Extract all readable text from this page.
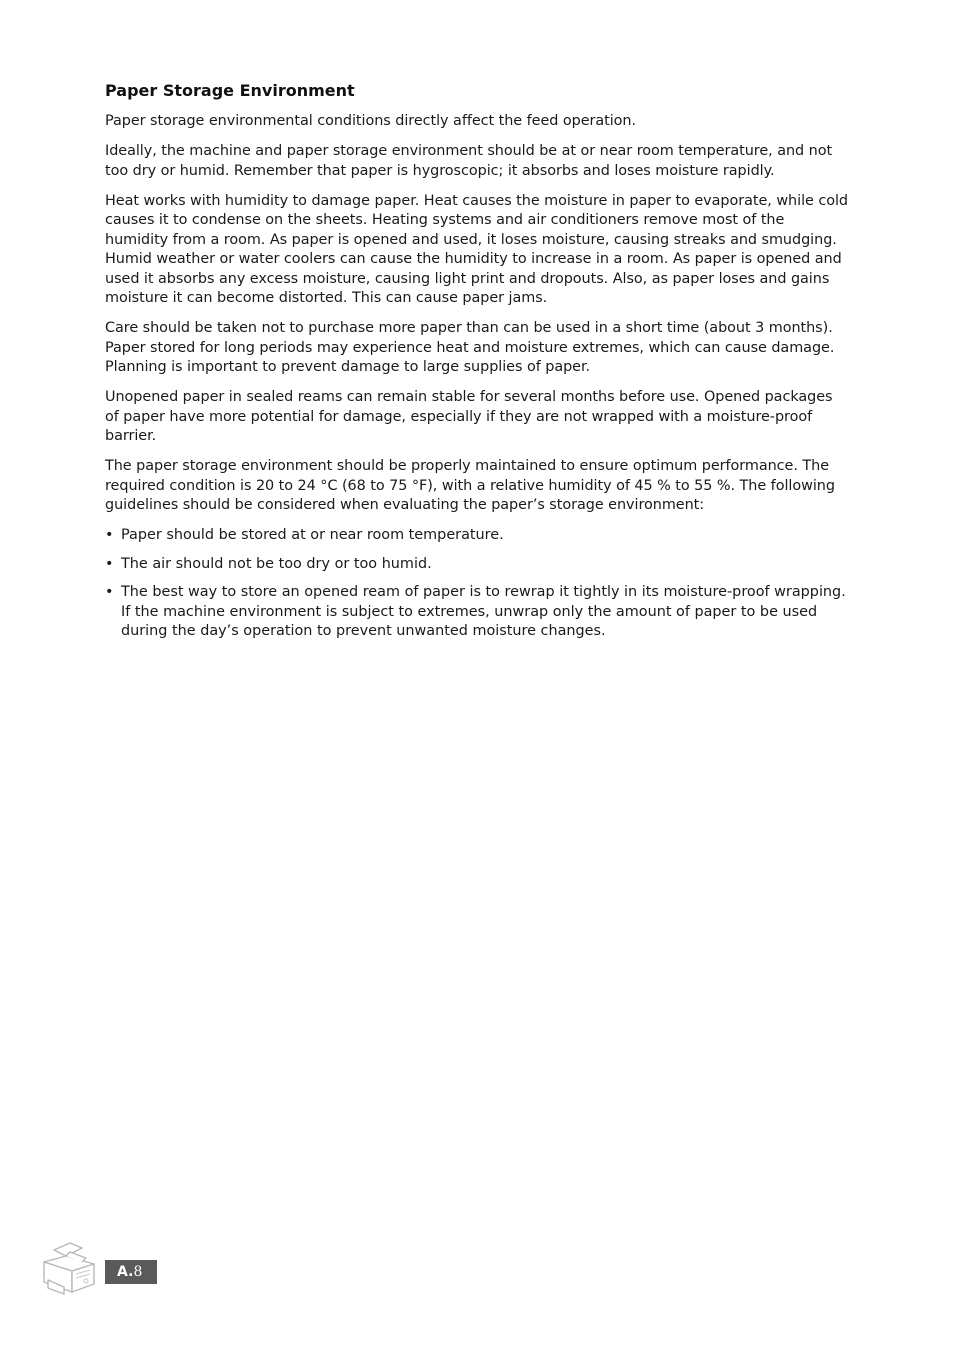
Paper Storage Environment

Paper storage environmental conditions directly affect the feed operation.

Ideally, the machine and paper storage environment should be at or near room temperature, and not too dry or humid. Remember that paper is hygroscopic; it absorbs and loses moisture rapidly.

Heat works with humidity to damage paper. Heat causes the moisture in paper to evaporate, while cold causes it to condense on the sheets. Heating systems and air conditioners remove most of the humidity from a room. As paper is opened and used, it loses moisture, causing streaks and smudging. Humid weather or water coolers can cause the humidity to increase in a room. As paper is opened and used it absorbs any excess moisture, causing light print and dropouts. Also, as paper loses and gains moisture it can become distorted. This can cause paper jams.

Care should be taken not to purchase more paper than can be used in a short time (about 3 months). Paper stored for long periods may experience heat and moisture extremes, which can cause damage. Planning is important to prevent damage to large supplies of paper.

Unopened paper in sealed reams can remain stable for several months before use. Opened packages of paper have more potential for damage, especially if they are not wrapped with a moisture-proof barrier.

The paper storage environment should be properly maintained to ensure optimum performance. The required condition is 20 to 24 °C (68 to 75 °F), with a relative humidity of 45 % to 55 %. The following guidelines should be considered when evaluating the paper’s storage environment:

• Paper should be stored at or near room temperature.
• The air should not be too dry or too humid.
• The best way to store an opened ream of paper is to rewrap it tightly in its moisture-proof wrapping. If the machine environment is subject to extremes, unwrap only the amount of paper to be used during the day’s operation to prevent unwanted moisture changes.
A.8
